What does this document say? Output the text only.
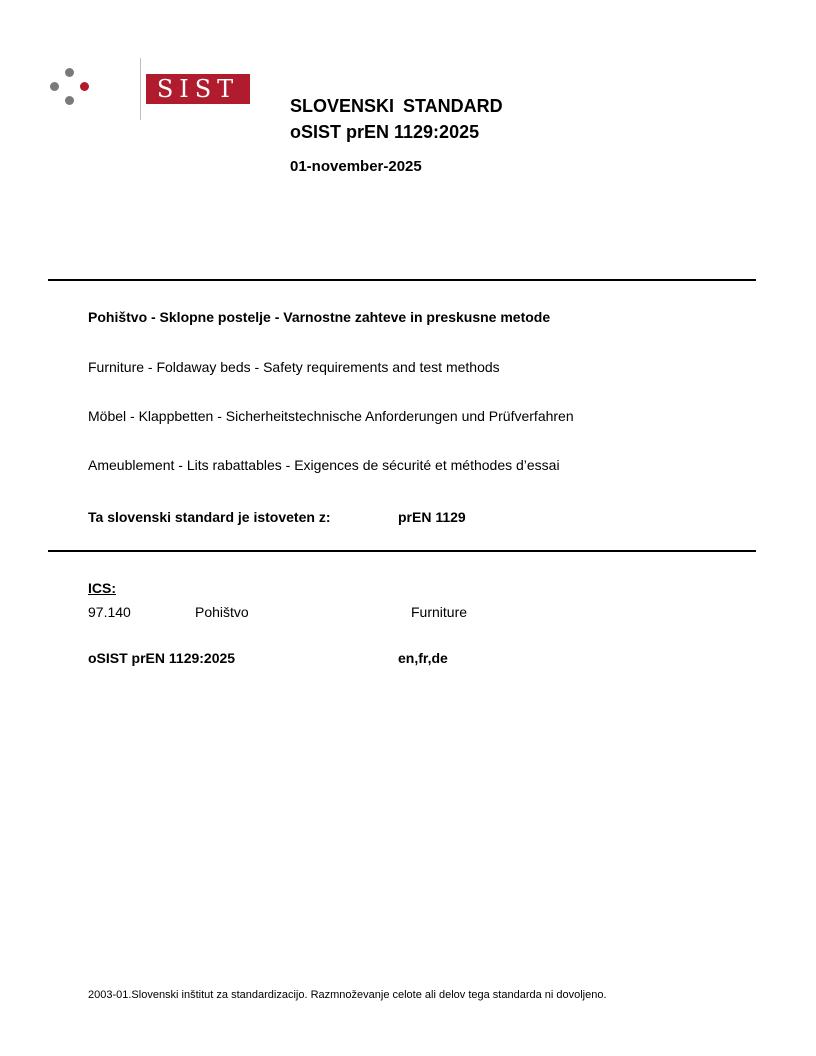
SIST
SLOVENSKI STANDARD
oSIST prEN 1129:2025
01-november-2025
Pohištvo - Sklopne postelje - Varnostne zahteve in preskusne metode
Furniture - Foldaway beds - Safety requirements and test methods
Möbel - Klappbetten - Sicherheitstechnische Anforderungen und Prüfverfahren
Ameublement - Lits rabattables - Exigences de sécurité et méthodes d’essai
Ta slovenski standard je istoveten z:	prEN 1129
ICS:
97.140	Pohištvo	Furniture
oSIST prEN 1129:2025	en,fr,de
2003-01.Slovenski inštitut za standardizacijo. Razmnoževanje celote ali delov tega standarda ni dovoljeno.
